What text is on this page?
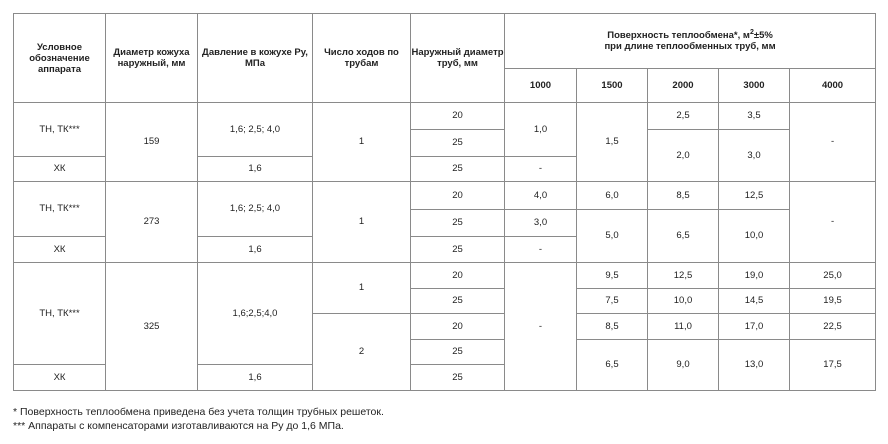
Условное обозначение аппарата	Диаметр кожуха наружный, мм	Давление в кожухе Ру, МПа	Число ходов по трубам	Наружный диаметр труб, мм	Поверхность теплообмена*, $м^2\pm 5\%$
при длине теплообменных труб, мм				
					1000	1500	2000	3000	4000
ТН, ТК***	159	1,6; 2,5; 4,0	1	20	1,0	1,5	2,5	3,5	-
				25			2,0	3,0	
ХК		1,6		25	-				
ТН, ТК***	273	1,6; 2,5; 4,0	1	20	4,0	6,0	8,5	12,5	-
				25	3,0	5,0	6,5	10,0	
ХК		1,6		25	-				
ТН, ТК***	325	1,6;2,5;4,0	1	20	-	9,5	12,5	19,0	25,0
				25		7,5	10,0	14,5	19,5
			2	20		8,5	11,0	17,0	22,5
				25		6,5	9,0	13,0	17,5
ХК		1,6		25					
* Поверхность теплообмена приведена без учета толщин трубных решеток.
*** Аппараты с компенсаторами изготавливаются на Ру до 1,6 МПа.
